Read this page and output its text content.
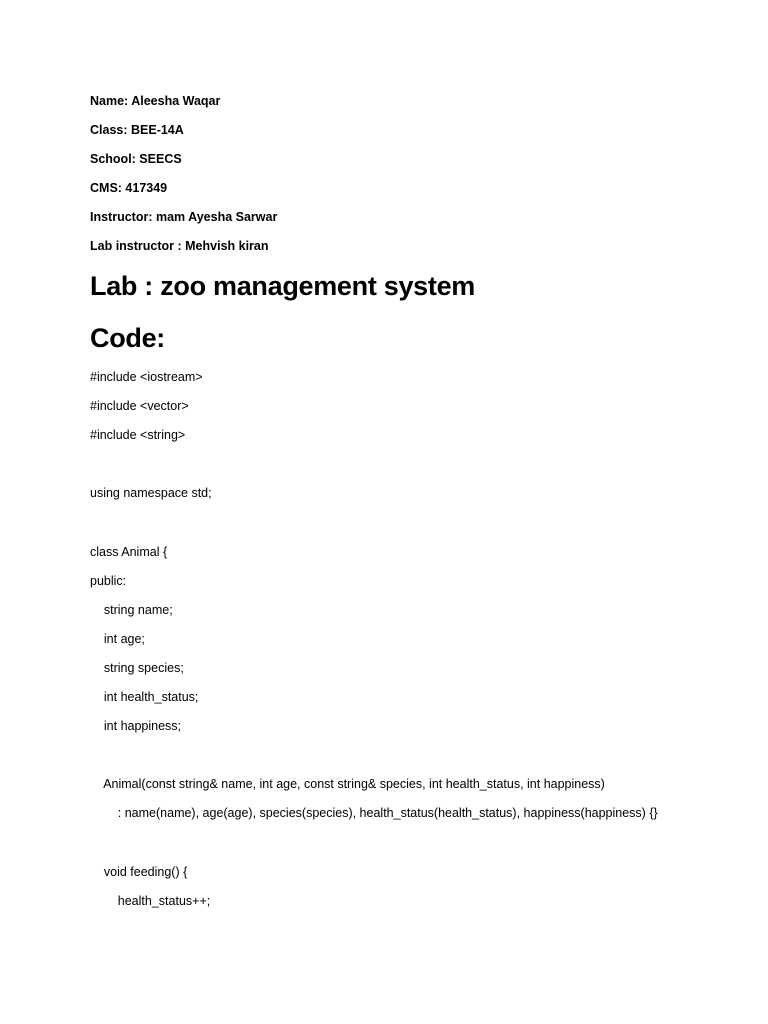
Name: Aleesha Waqar
Class: BEE-14A
School: SEECS
CMS: 417349
Instructor: mam Ayesha Sarwar
Lab instructor : Mehvish kiran
Lab : zoo management system
Code:
#include <iostream>
#include <vector>
#include <string>
using namespace std;
class Animal {
public:
string name;
int age;
string species;
int health_status;
int happiness;
Animal(const string& name, int age, const string& species, int health_status, int happiness)
: name(name), age(age), species(species), health_status(health_status), happiness(happiness) {}
void feeding() {
health_status++;
